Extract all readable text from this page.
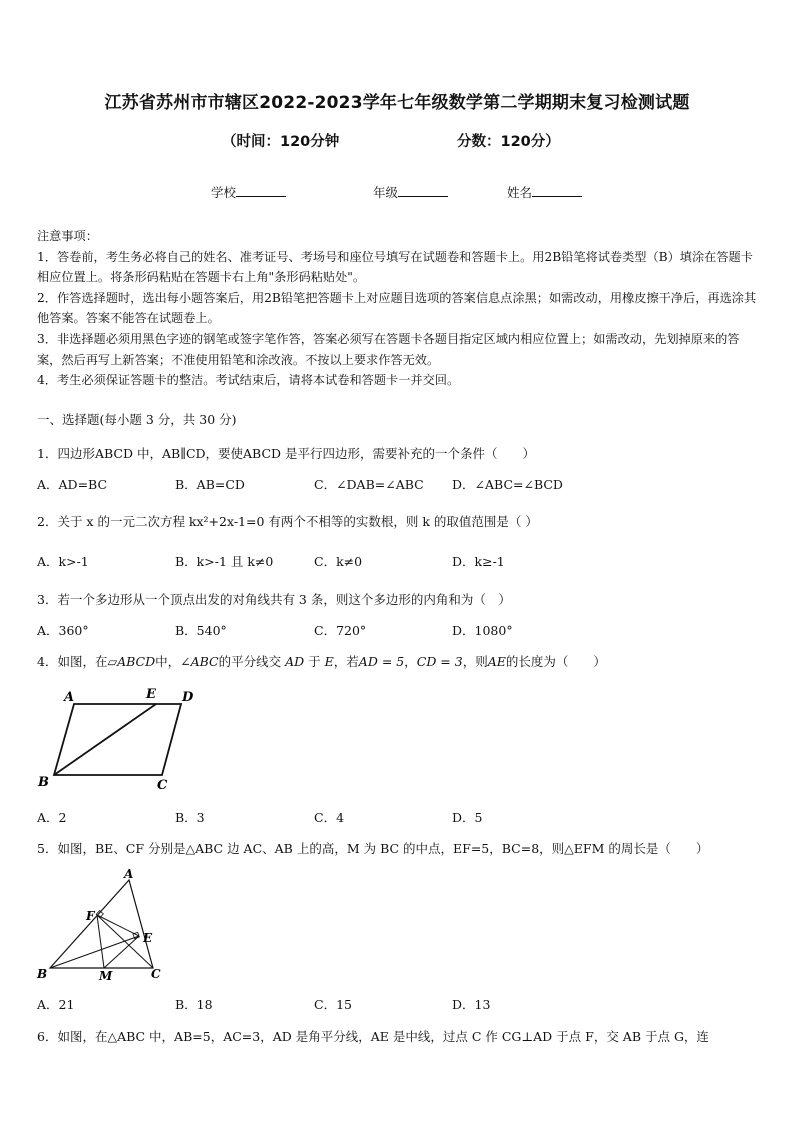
江苏省苏州市市辖区2022-2023学年七年级数学第二学期期末复习检测试题
（时间：120分钟	分数：120分）
学校	年级	姓名

注意事项：

1．答卷前，考生务必将自己的姓名、准考证号、考场号和座位号填写在试题卷和答题卡上。用2B铅笔将试卷类型（B）填涂在答题卡相应位置上。将条形码粘贴在答题卡右上角"条形码粘贴处"。

2．作答选择题时，选出每小题答案后，用2B铅笔把答题卡上对应题目选项的答案信息点涂黑；如需改动，用橡皮擦干净后，再选涂其他答案。答案不能答在试题卷上。

3．非选择题必须用黑色字迹的钢笔或签字笔作答，答案必须写在答题卡各题目指定区域内相应位置上；如需改动，先划掉原来的答案，然后再写上新答案；不准使用铅笔和涂改液。不按以上要求作答无效。

4．考生必须保证答题卡的整洁。考试结束后，请将本试卷和答题卡一并交回。

一、选择题(每小题 3 分，共 30 分)
1．四边形ABCD 中，AB∥CD，要使ABCD 是平行四边形，需要补充的一个条件（　　）
A．AD=BC	B．AB=CD	C．∠DAB=∠ABC D．∠ABC=∠BCD
2．关于 x 的一元二次方程 kx²+2x-1=0 有两个不相等的实数根，则 k 的取值范围是（ ）
A．k>-1	B．k>-1 且 k≠0	C．k≠0	D．k≥-1
3．若一个多边形从一个顶点出发的对角线共有 3 条，则这个多边形的内角和为（　）
A．360°	B．540°	C．720°	D．1080°
4．如图，在▱ABCD中，∠ABC的平分线交 AD 于 E，若AD = 5，CD = 3，则AE的长度为（　　）
A	E D
B	C
A．2	B．3	C．4	D．5
5．如图，BE、CF 分别是△ABC 边 AC、AB 上的高，M 为 BC 的中点，EF=5，BC=8，则△EFM 的周长是（　　）
A
F
E
B	M	C
A．21	B．18	C．15	D．13
6．如图，在△ABC 中，AB=5，AC=3，AD 是角平分线，AE 是中线，过点 C 作 CG⊥AD 于点 F，交 AB 于点 G，连
